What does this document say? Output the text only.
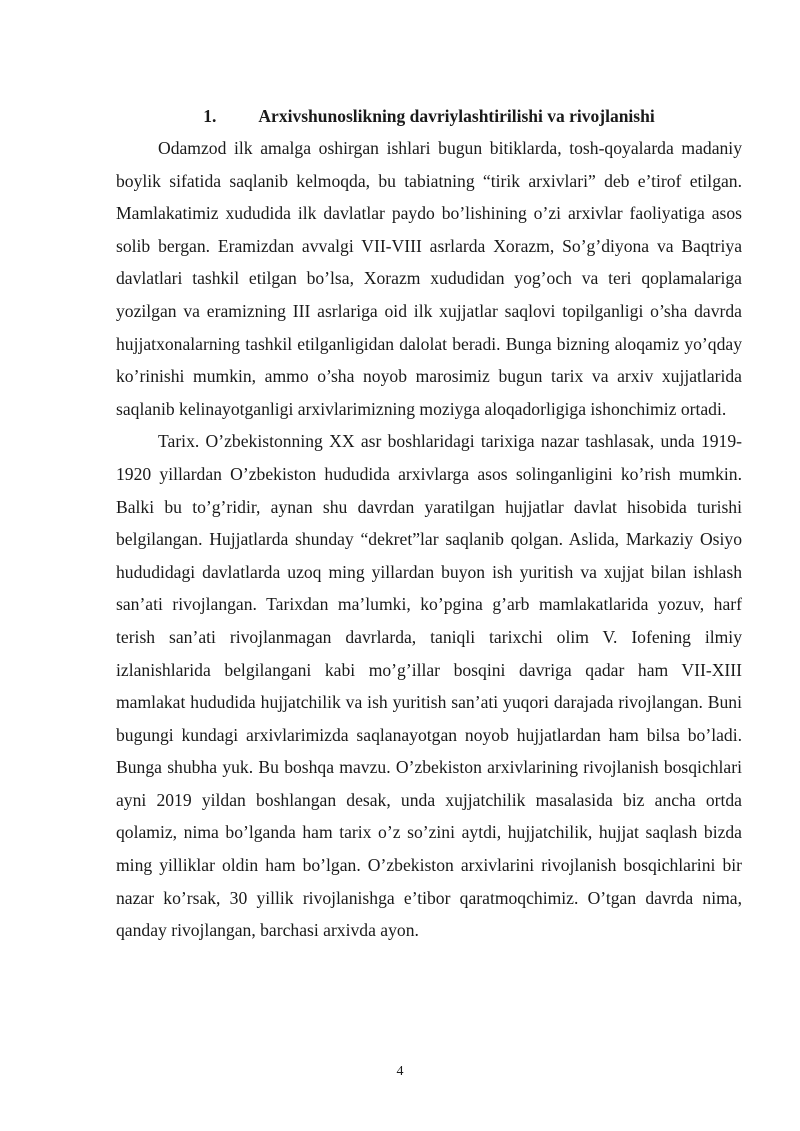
1. Arxivshunoslikning davriylashtirilishi va rivojlanishi

Odamzod ilk amalga oshirgan ishlari bugun bitiklarda, tosh-qoyalarda madaniy boylik sifatida saqlanib kelmoqda, bu tabiatning “tirik arxivlari” deb e’tirof etilgan. Mamlakatimiz xududida ilk davlatlar paydo bo’lishining o’zi arxivlar faoliyatiga asos solib bergan. Eramizdan avvalgi VII-VIII asrlarda Xorazm, So’g’diyona va Baqtriya davlatlari tashkil etilgan bo’lsa, Xorazm xududidan yog’och va teri qoplamalariga yozilgan va eramizning III asrlariga oid ilk xujjatlar saqlovi topilganligi o’sha davrda hujjatxonalarning tashkil etilganligidan dalolat beradi. Bunga bizning aloqamiz yo’qday ko’rinishi mumkin, ammo o’sha noyob marosimiz bugun tarix va arxiv xujjatlarida saqlanib kelinayotganligi arxivlarimizning moziyga aloqadorligiga ishonchimiz ortadi.

Tarix. O’zbekistonning XX asr boshlaridagi tarixiga nazar tashlasak, unda 1919-1920 yillardan O’zbekiston hududida arxivlarga asos solinganligini ko’rish mumkin. Balki bu to’g’ridir, aynan shu davrdan yaratilgan hujjatlar davlat hisobida turishi belgilangan. Hujjatlarda shunday “dekret”lar saqlanib qolgan. Aslida, Markaziy Osiyo hududidagi davlatlarda uzoq ming yillardan buyon ish yuritish va xujjat bilan ishlash san’ati rivojlangan. Tarixdan ma’lumki, ko’pgina g’arb mamlakatlarida yozuv, harf terish san’ati rivojlanmagan davrlarda, taniqli tarixchi olim V. Iofening ilmiy izlanishlarida belgilangani kabi mo’g’illar bosqini davriga qadar ham VII-XIII mamlakat hududida hujjatchilik va ish yuritish san’ati yuqori darajada rivojlangan. Buni bugungi kundagi arxivlarimizda saqlanayotgan noyob hujjatlardan ham bilsa bo’ladi. Bunga shubha yuk. Bu boshqa mavzu. O’zbekiston arxivlarining rivojlanish bosqichlari ayni 2019 yildan boshlangan desak, unda xujjatchilik masalasida biz ancha ortda qolamiz, nima bo’lganda ham tarix o’z so’zini aytdi, hujjatchilik, hujjat saqlash bizda ming yilliklar oldin ham bo’lgan. O’zbekiston arxivlarini rivojlanish bosqichlarini bir nazar ko’rsak, 30 yillik rivojlanishga e’tibor qaratmoqchimiz. O’tgan davrda nima, qanday rivojlangan, barchasi arxivda ayon.

4
